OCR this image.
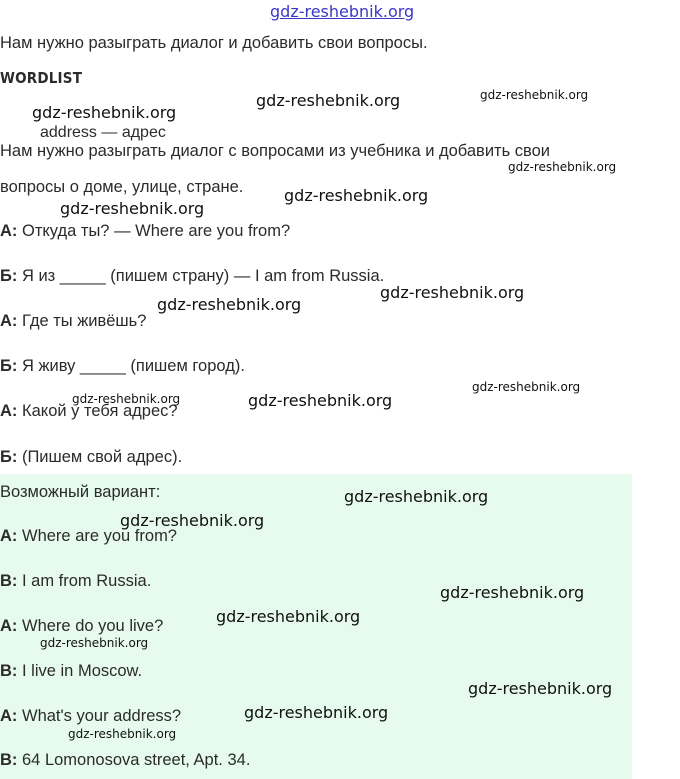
gdz-reshebnik.org
Нам нужно разыграть диалог и добавить свои вопросы.
WORDLIST
address — адрес
Нам нужно разыграть диалог с вопросами из учебника и добавить свои
вопросы о доме, улице, стране.
А: Откуда ты? — Where are you from?
Б: Я из _____ (пишем страну) — I am from Russia.
А: Где ты живёшь?
Б: Я живу _____ (пишем город).
А: Какой у тебя адрес?
Б: (Пишем свой адрес).
Возможный вариант:
A: Where are you from?
B: I am from Russia.
A: Where do you live?
B: I live in Moscow.
A: What's your address?
B: 64 Lomonosova street, Apt. 34.
gdz-reshebnik.org
gdz-reshebnik.org	gdz-reshebnik.org
gdz-reshebnik.org
gdz-reshebnik.org
gdz-reshebnik.org
gdz-reshebnik.org
gdz-reshebnik.org
gdz-reshebnik.org
gdz-reshebnik.org	gdz-reshebnik.org
gdz-reshebnik.org
gdz-reshebnik.org
gdz-reshebnik.org
gdz-reshebnik.org
gdz-reshebnik.org
gdz-reshebnik.org
gdz-reshebnik.org
gdz-reshebnik.org
